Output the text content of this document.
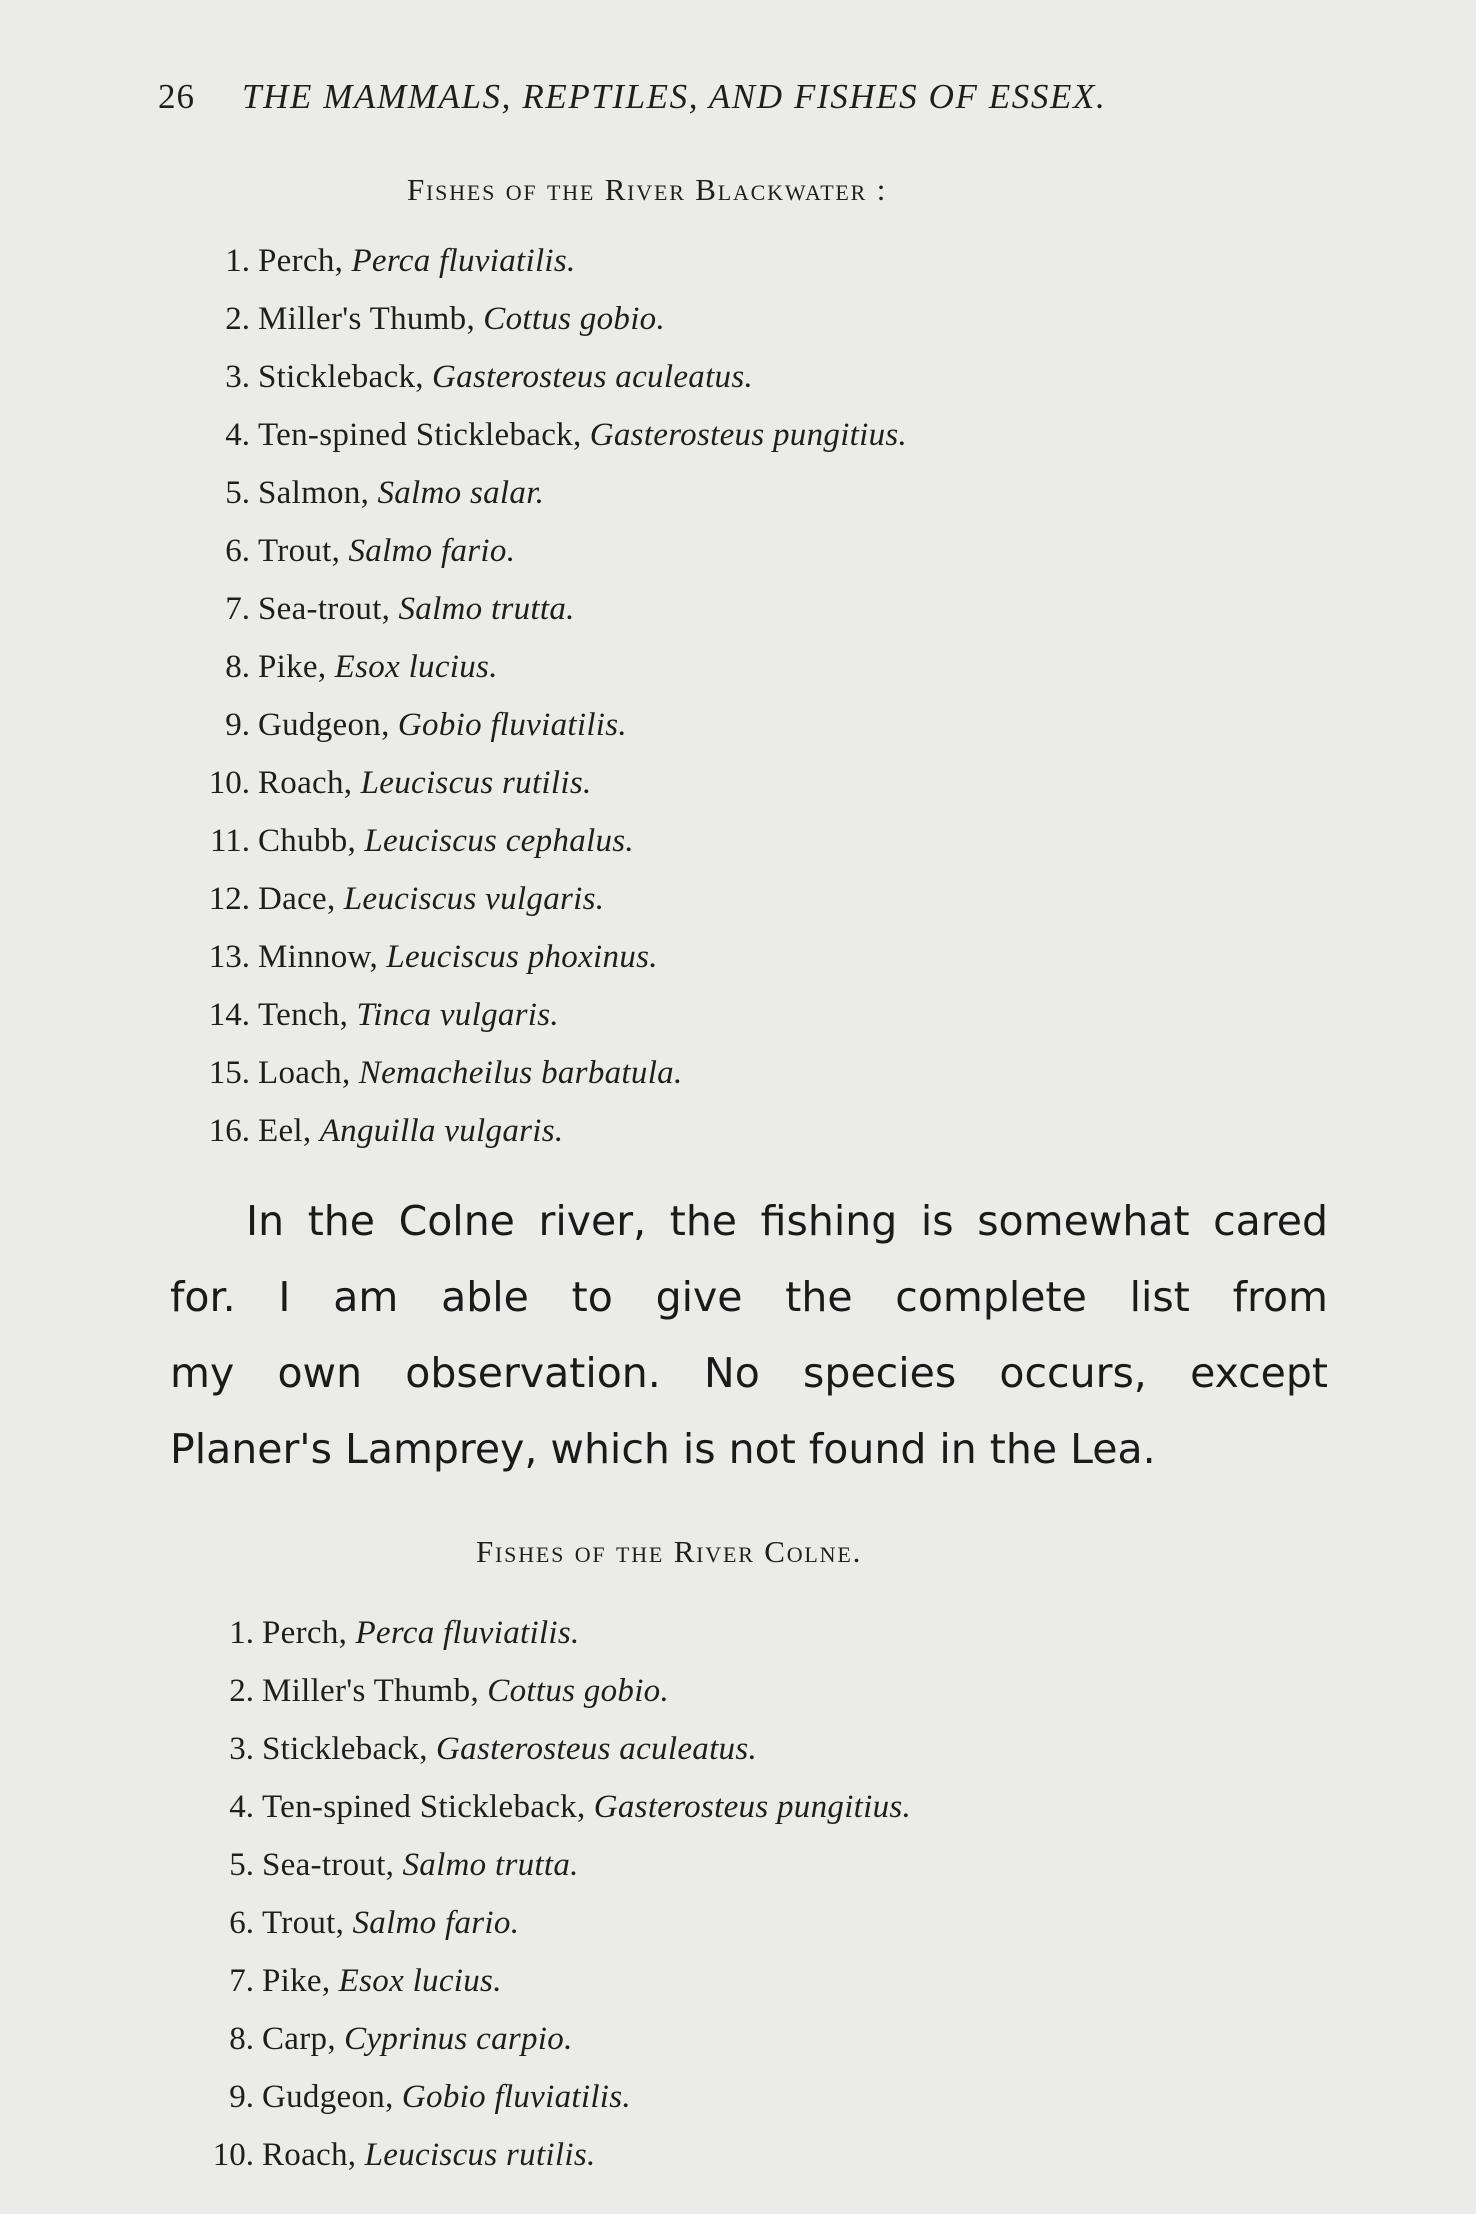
26 THE MAMMALS, REPTILES, AND FISHES OF ESSEX.
Fishes of the River Blackwater :
1. Perch, Perca fluviatilis.
2. Miller's Thumb, Cottus gobio.
3. Stickleback, Gasterosteus aculeatus.
4. Ten-spined Stickleback, Gasterosteus pungitius.
5. Salmon, Salmo salar.
6. Trout, Salmo fario.
7. Sea-trout, Salmo trutta.
8. Pike, Esox lucius.
9. Gudgeon, Gobio fluviatilis.
10. Roach, Leuciscus rutilis.
11. Chubb, Leuciscus cephalus.
12. Dace, Leuciscus vulgaris.
13. Minnow, Leuciscus phoxinus.
14. Tench, Tinca vulgaris.
15. Loach, Nemacheilus barbatula.
16. Eel, Anguilla vulgaris.
In the Colne river, the fishing is somewhat cared
for. I am able to give the complete list from
my own observation. No species occurs, except
Planer's Lamprey, which is not found in the Lea.
Fishes of the River Colne.
1. Perch, Perca fluviatilis.
2. Miller's Thumb, Cottus gobio.
3. Stickleback, Gasterosteus aculeatus.
4. Ten-spined Stickleback, Gasterosteus pungitius.
5. Sea-trout, Salmo trutta.
6. Trout, Salmo fario.
7. Pike, Esox lucius.
8. Carp, Cyprinus carpio.
9. Gudgeon, Gobio fluviatilis.
10. Roach, Leuciscus rutilis.
